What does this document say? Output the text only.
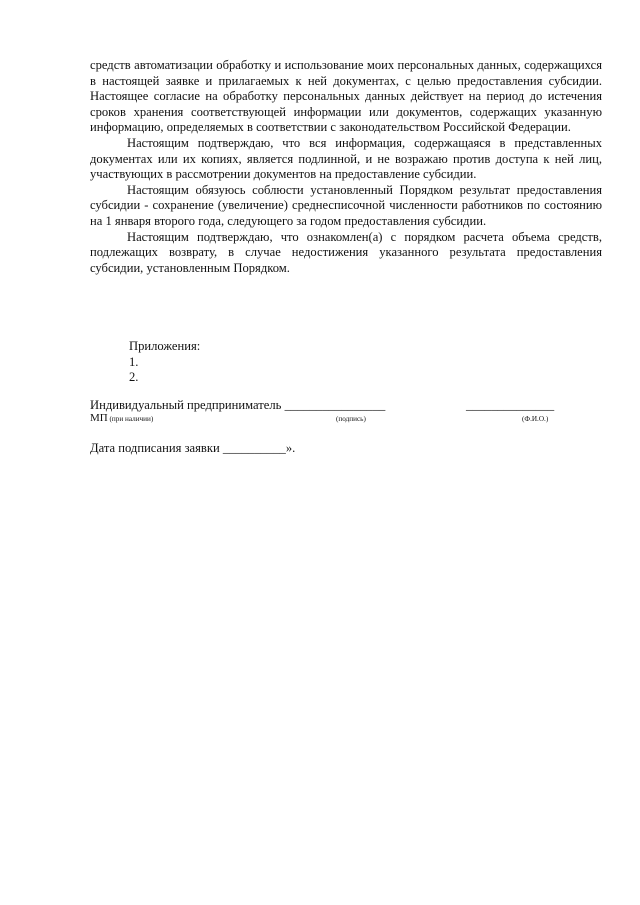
средств автоматизации обработку и использование моих персональных данных, содержащихся в настоящей заявке и прилагаемых к ней документах, с целью предоставления субсидии. Настоящее согласие на обработку персональных данных действует на период до истечения сроков хранения соответствующей информации или документов, содержащих указанную информацию, определяемых в соответствии с законодательством Российской Федерации.

Настоящим подтверждаю, что вся информация, содержащаяся в представленных документах или их копиях, является подлинной, и не возражаю против доступа к ней лиц, участвующих в рассмотрении документов на предоставление субсидии.

Настоящим обязуюсь соблюсти установленный Порядком результат предоставления субсидии - сохранение (увеличение) среднесписочной численности работников по состоянию на 1 января второго года, следующего за годом предоставления субсидии.

Настоящим подтверждаю, что ознакомлен(а) с порядком расчета объема средств, подлежащих возврату, в случае недостижения указанного результата предоставления субсидии, установленным Порядком.

Приложения:
1.
2.
Индивидуальный предприниматель ________________	______________
МП (при наличии)	(подпись)	(Ф.И.О.)
Дата подписания заявки __________».
